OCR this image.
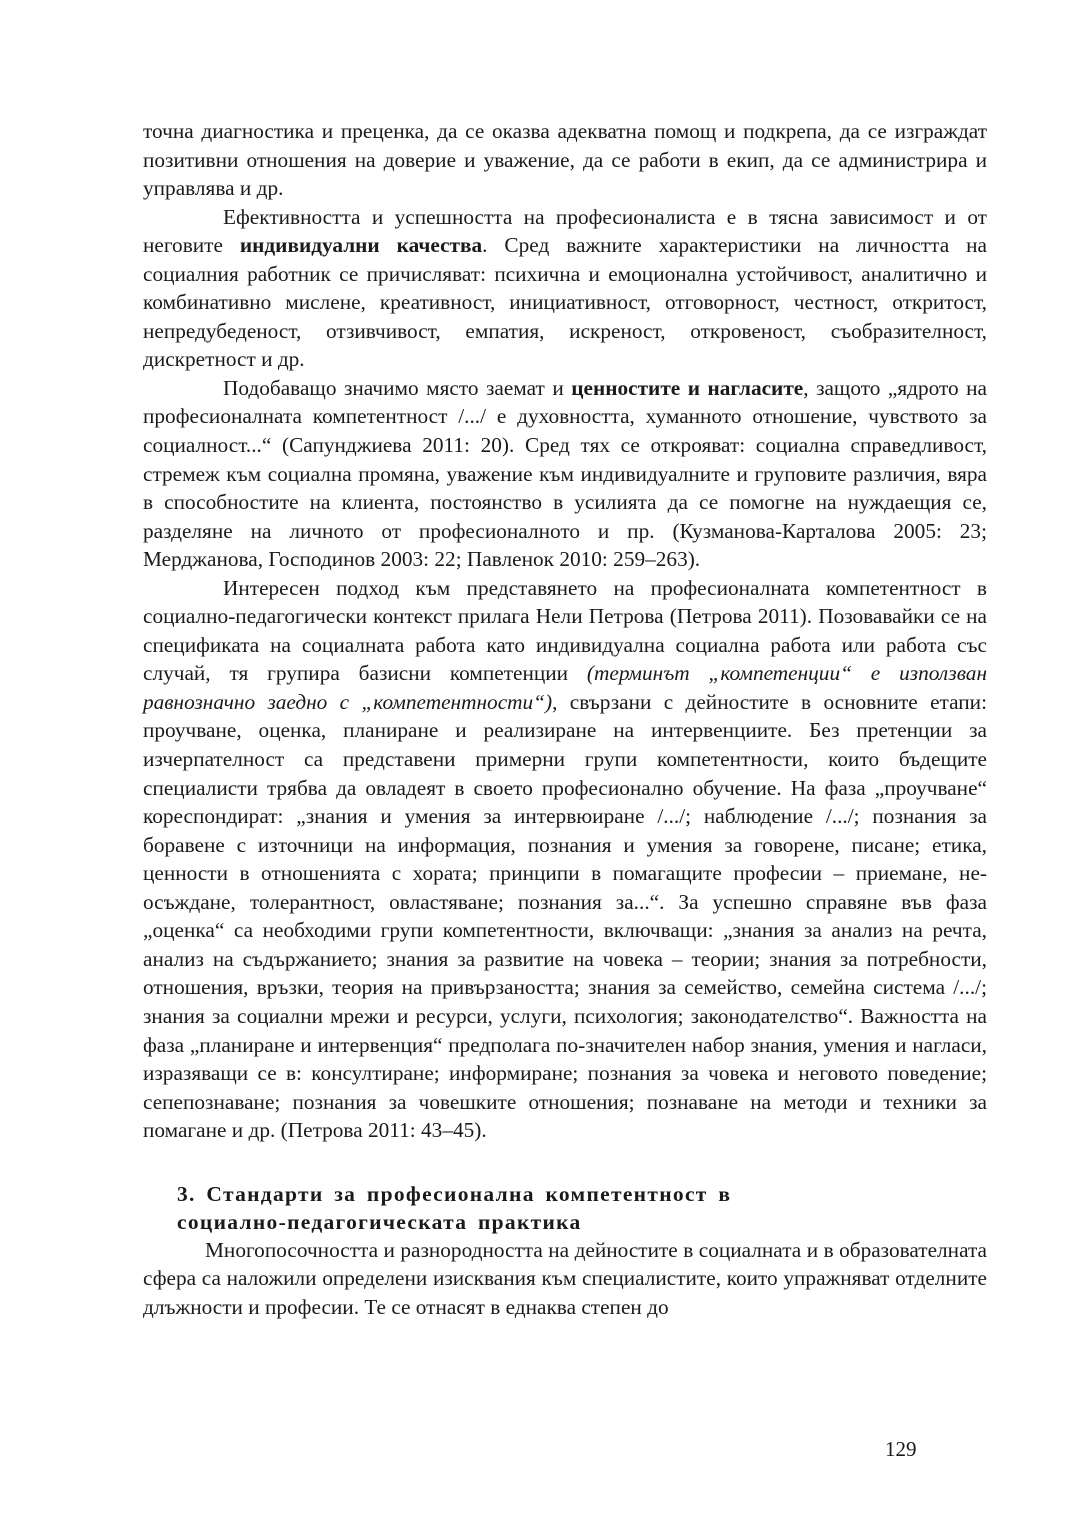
точна диагностика и преценка, да се оказва адекватна помощ и подкрепа, да се изграждат позитивни отношения на доверие и уважение, да се работи в екип, да се администрира и управлява и др.

Ефективността и успешността на професионалиста е в тясна зависимост и от неговите индивидуални качества. Сред важните характеристики на личността на социалния работник се причисляват: психична и емоционална устойчивост, аналитично и комбинативно мислене, креативност, инициативност, отговорност, честност, откритост, непредубеденост, отзивчивост, емпатия, искреност, откровеност, съобразителност, дискретност и др.

Подобаващо значимо място заемат и ценностите и нагласите, защото „ядрото на професионалната компетентност /.../ е духовността, хуманното отношение, чувството за социалност...“ (Сапунджиева 2011: 20). Сред тях се открояват: социална справедливост, стремеж към социална промяна, уважение към индивидуалните и груповите различия, вяра в способностите на клиента, постоянство в усилията да се помогне на нуждаещия се, разделяне на личното от професионалното и пр. (Кузманова-Карталова 2005: 23; Мерджанова, Господинов 2003: 22; Павленок 2010: 259–263).

Интересен подход към представянето на професионалната компетентност в социално-педагогически контекст прилага Нели Петрова (Петрова 2011). Позовавайки се на спецификата на социалната работа като индивидуална социална работа или работа със случай, тя групира базисни компетенции (терминът „компетенции“ е използван равнозначно заедно с „компетентности“), свързани с дейностите в основните етапи: проучване, оценка, планиране и реализиране на интервенциите. Без претенции за изчерпателност са представени примерни групи компетентности, които бъдещите специалисти трябва да овладеят в своето професионално обучение. На фаза „проучване“ кореспондират: „знания и умения за интервюиране /.../; наблюдение /.../; познания за боравене с източници на информация, познания и умения за говорене, писане; етика, ценности в отношенията с хората; принципи в помагащите професии – приемане, не-осъждане, толерантност, овластяване; познания за...“. За успешно справяне във фаза „оценка“ са необходими групи компетентности, включващи: „знания за анализ на речта, анализ на съдържанието; знания за развитие на човека – теории; знания за потребности, отношения, връзки, теория на привързаността; знания за семейство, семейна система /.../; знания за социални мрежи и ресурси, услуги, психология; законодателство“. Важността на фаза „планиране и интервенция“ предполага по-значителен набор знания, умения и нагласи, изразяващи се в: консултиране; информиране; познания за човека и неговото поведение; сепепознаване; познания за човешките отношения; познаване на методи и техники за помагане и др. (Петрова 2011: 43–45).

3. Стандарти за професионална компетентност в
социално-педагогическата практика

Многопосочността и разнородността на дейностите в социалната и в образователната сфера са наложили определени изисквания към специалистите, които упражняват отделните длъжности и професии. Те се отнасят в еднаква степен до

129
